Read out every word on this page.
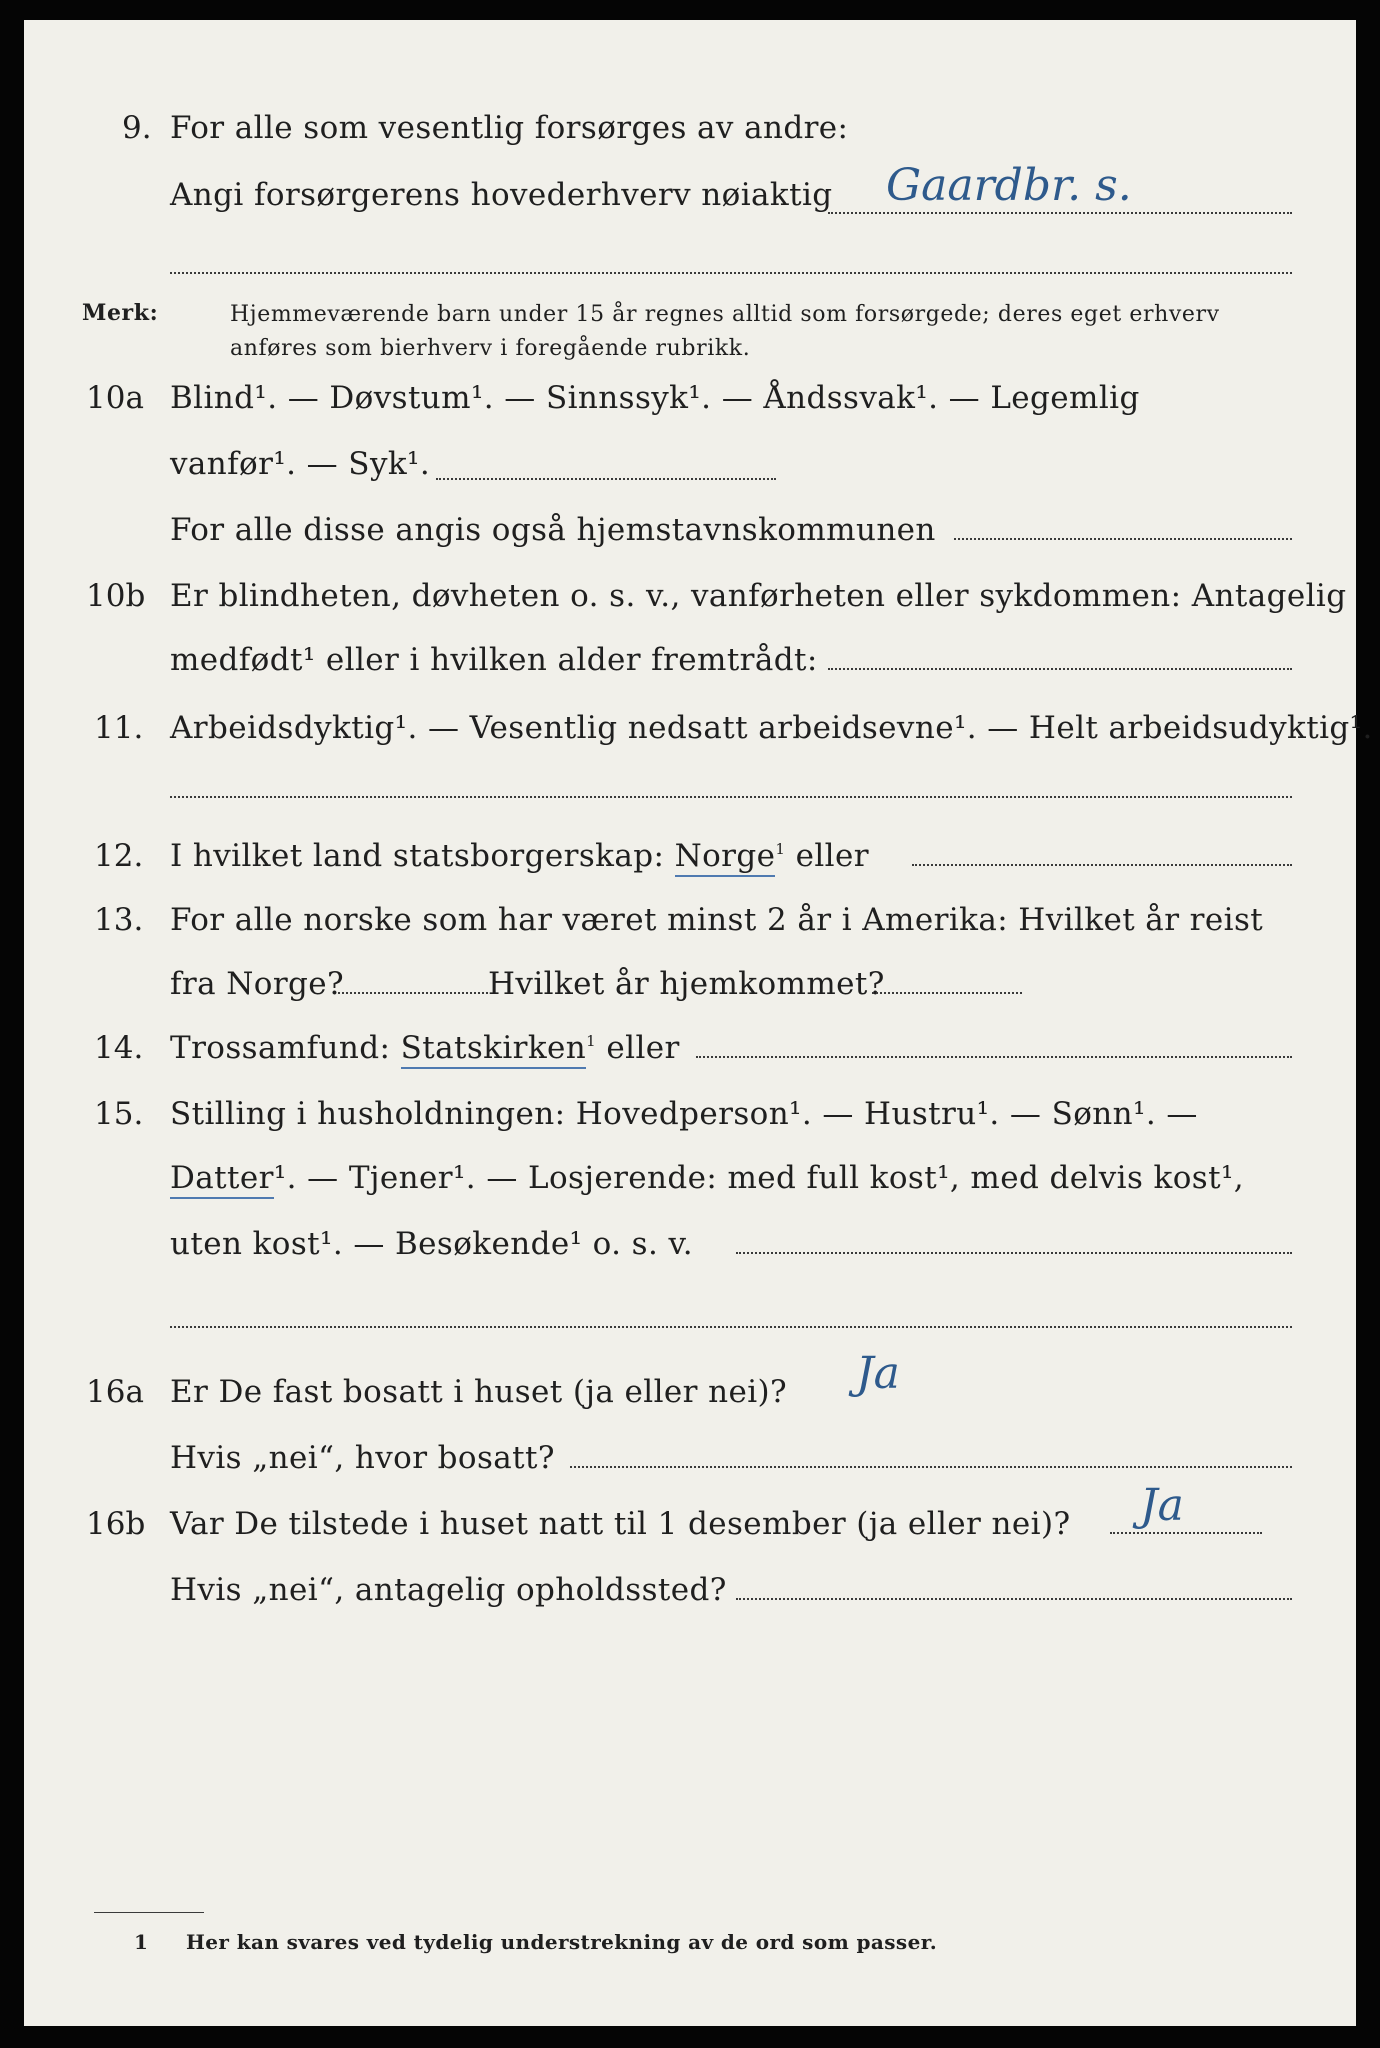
9. For alle som vesentlig forsørges av andre:
Angi forsørgerens hovederhverv nøiaktig Gaardbr. s.
Merk:	Hjemmeværende barn under 15 år regnes alltid som forsørgede; deres eget erhverv
anføres som bierhverv i foregående rubrikk.
10a Blind¹. — Døvstum¹. — Sinnssyk¹. — Åndssvak¹. — Legemlig
vanfør¹. — Syk¹.
For alle disse angis også hjemstavnskommunen
10b Er blindheten, døvheten o. s. v., vanførheten eller sykdommen: Antagelig
medfødt¹ eller i hvilken alder fremtrådt:
11. Arbeidsdyktig¹. — Vesentlig nedsatt arbeidsevne¹. — Helt arbeidsudyktig¹.
12. I hvilket land statsborgerskap: Norge$^1$ eller
13. For alle norske som har været minst 2 år i Amerika: Hvilket år reist
fra Norge?	Hvilket år hjemkommet?
14. Trossamfund: Statskirken$^1$ eller
15. Stilling i husholdningen: Hovedperson¹. — Hustru¹. — Sønn¹. —
Datter¹. — Tjener¹. — Losjerende: med full kost¹, med delvis kost¹,
uten kost¹. — Besøkende¹ o. s. v.
16a Er De fast bosatt i huset (ja eller nei)? Ja
Hvis „nei“, hvor bosatt?
16b Var De tilstede i huset natt til 1 desember (ja eller nei)? Ja
Hvis „nei“, antagelig opholdssted?
1 Her kan svares ved tydelig understrekning av de ord som passer.
